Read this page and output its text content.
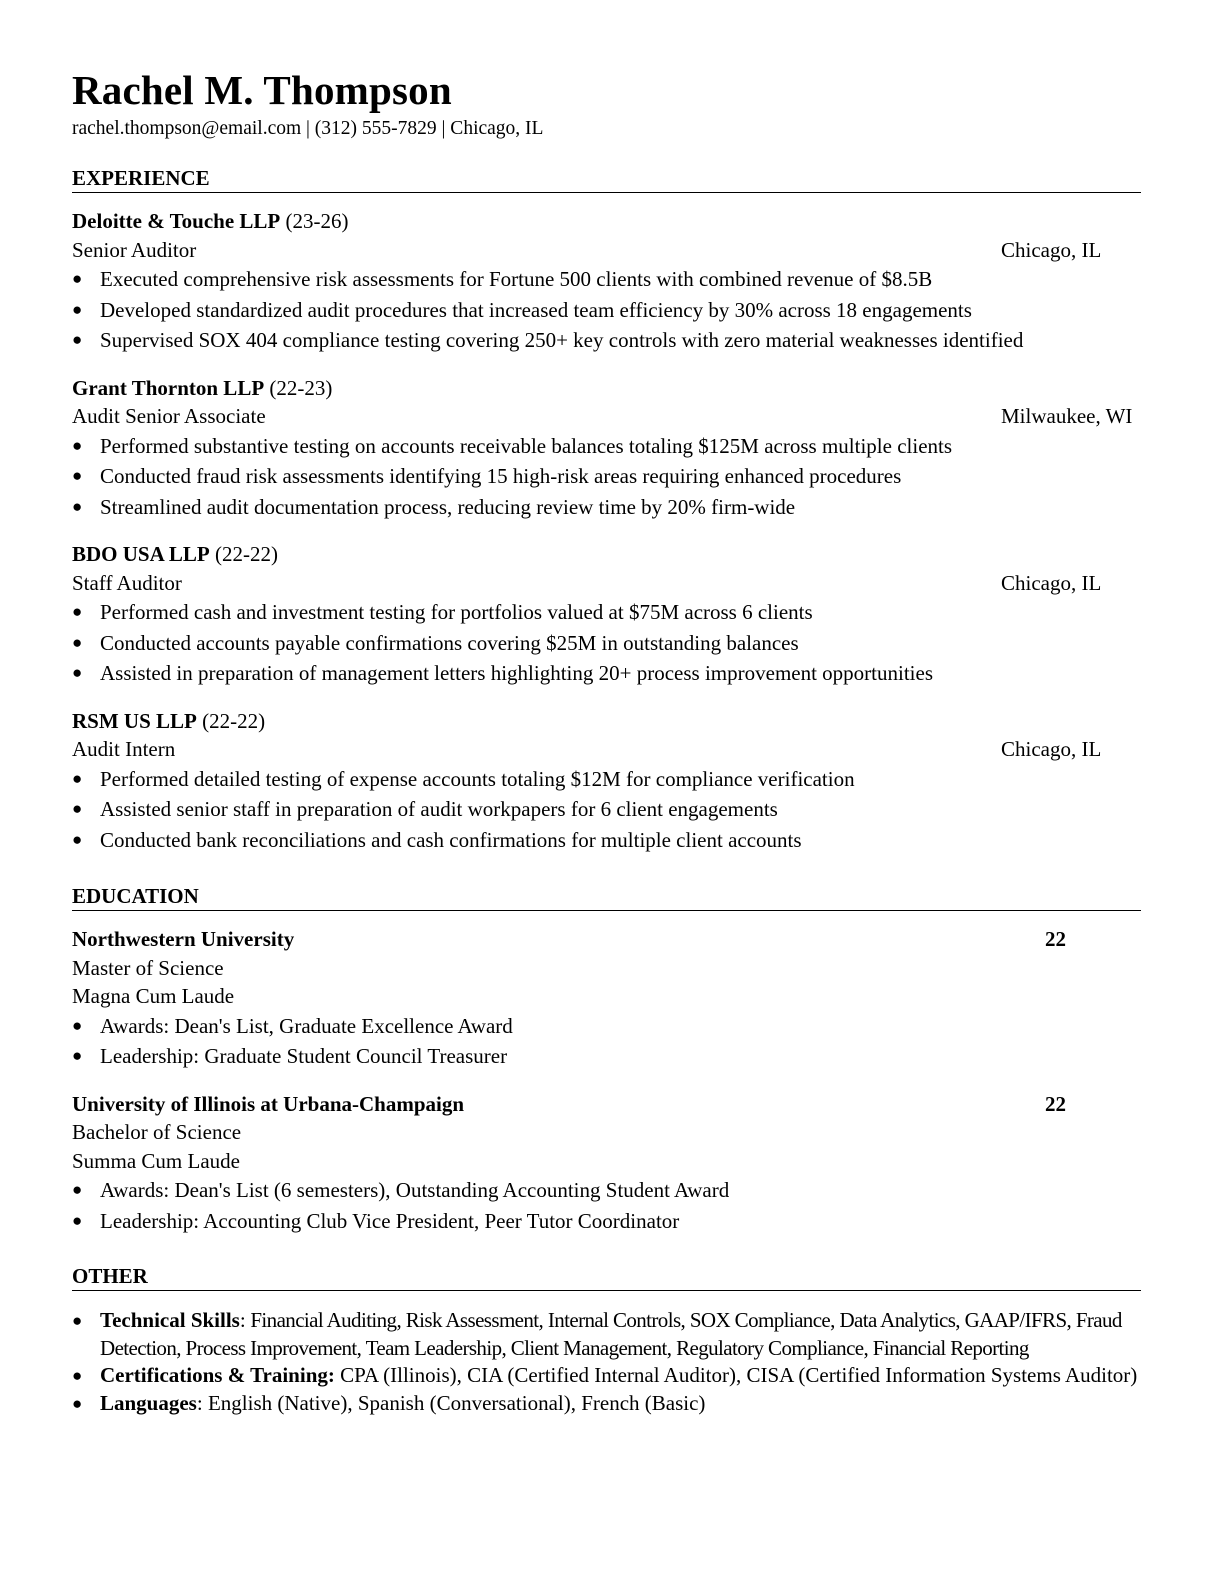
Rachel M. Thompson
rachel.thompson@email.com | (312) 555-7829 | Chicago, IL
EXPERIENCE
Deloitte & Touche LLP (23-26)
Senior Auditor	Chicago, IL
● Executed comprehensive risk assessments for Fortune 500 clients with combined revenue of $8.5B
● Developed standardized audit procedures that increased team efficiency by 30% across 18 engagements
● Supervised SOX 404 compliance testing covering 250+ key controls with zero material weaknesses identified
Grant Thornton LLP (22-23)
Audit Senior Associate	Milwaukee, WI
● Performed substantive testing on accounts receivable balances totaling $125M across multiple clients
● Conducted fraud risk assessments identifying 15 high-risk areas requiring enhanced procedures
● Streamlined audit documentation process, reducing review time by 20% firm-wide
BDO USA LLP (22-22)
Staff Auditor	Chicago, IL
● Performed cash and investment testing for portfolios valued at $75M across 6 clients
● Conducted accounts payable confirmations covering $25M in outstanding balances
● Assisted in preparation of management letters highlighting 20+ process improvement opportunities
RSM US LLP (22-22)
Audit Intern	Chicago, IL
● Performed detailed testing of expense accounts totaling $12M for compliance verification
● Assisted senior staff in preparation of audit workpapers for 6 client engagements
● Conducted bank reconciliations and cash confirmations for multiple client accounts
EDUCATION
Northwestern University	22
Master of Science
Magna Cum Laude
● Awards: Dean's List, Graduate Excellence Award
● Leadership: Graduate Student Council Treasurer
University of Illinois at Urbana-Champaign	22
Bachelor of Science
Summa Cum Laude
● Awards: Dean's List (6 semesters), Outstanding Accounting Student Award
● Leadership: Accounting Club Vice President, Peer Tutor Coordinator
OTHER
● Technical Skills: Financial Auditing, Risk Assessment, Internal Controls, SOX Compliance, Data Analytics, GAAP/IFRS, Fraud Detection, Process Improvement, Team Leadership, Client Management, Regulatory Compliance, Financial Reporting
● Certifications & Training: CPA (Illinois), CIA (Certified Internal Auditor), CISA (Certified Information Systems Auditor)
● Languages: English (Native), Spanish (Conversational), French (Basic)
